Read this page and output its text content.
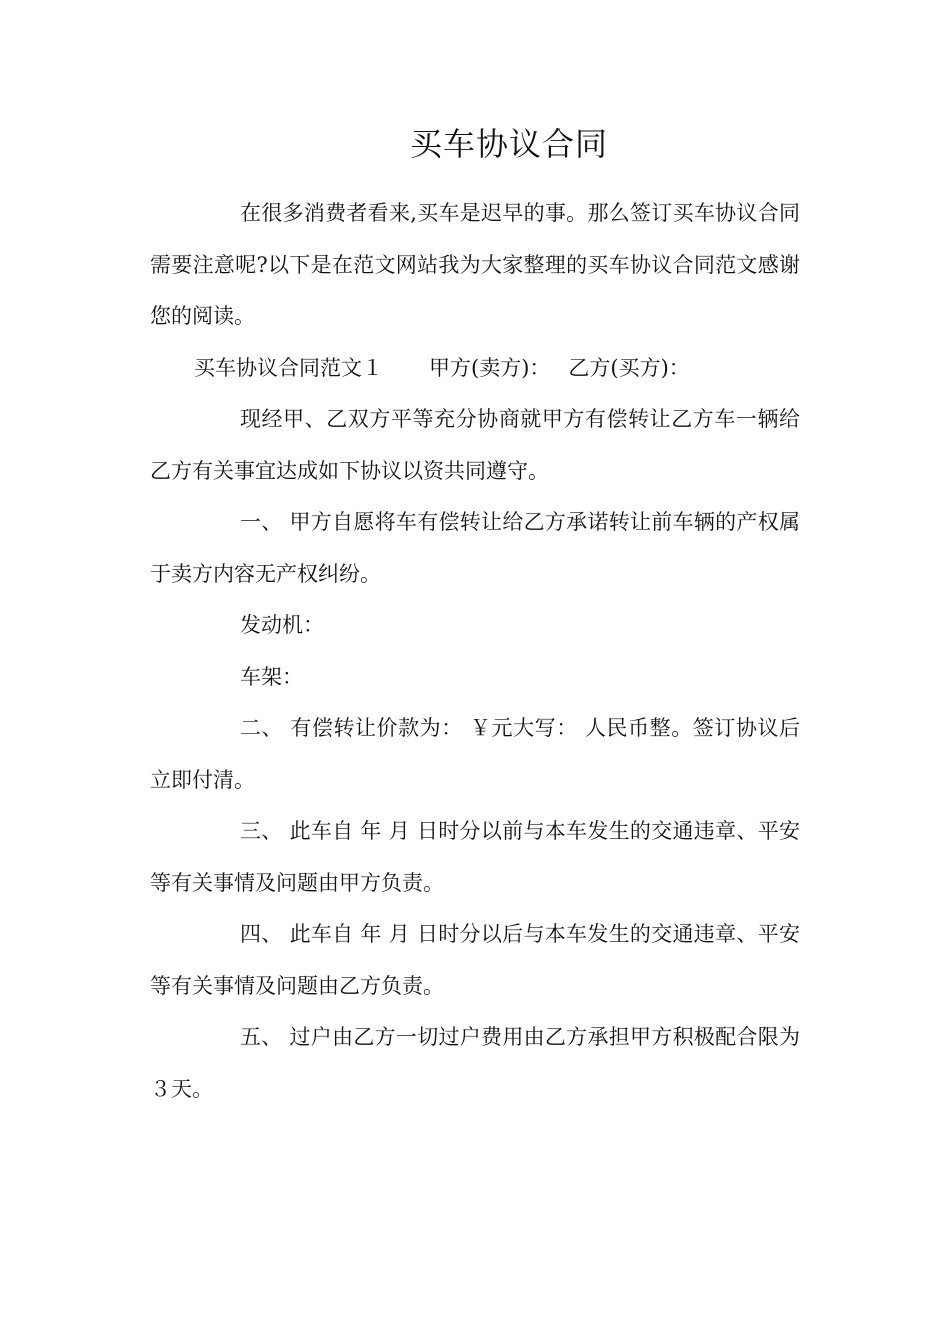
买车协议合同

在很多消费者看来,买车是迟早的事。那么签订买车协议合同需要注意呢?以下是在范文网站我为大家整理的买车协议合同范文感谢您的阅读。

买车协议合同范文１ 甲方(卖方)： 乙方(买方)：

现经甲、乙双方平等充分协商就甲方有偿转让乙方车一辆给乙方有关事宜达成如下协议以资共同遵守。

一、 甲方自愿将车有偿转让给乙方承诺转让前车辆的产权属于卖方内容无产权纠纷。

发动机：

车架：

二、 有偿转让价款为： ￥元大写： 人民币整。签订协议后立即付清。

三、 此车自 年 月 日时分以前与本车发生的交通违章、平安等有关事情及问题由甲方负责。

四、 此车自 年 月 日时分以后与本车发生的交通违章、平安等有关事情及问题由乙方负责。

五、 过户由乙方一切过户费用由乙方承担甲方积极配合限为３天。
